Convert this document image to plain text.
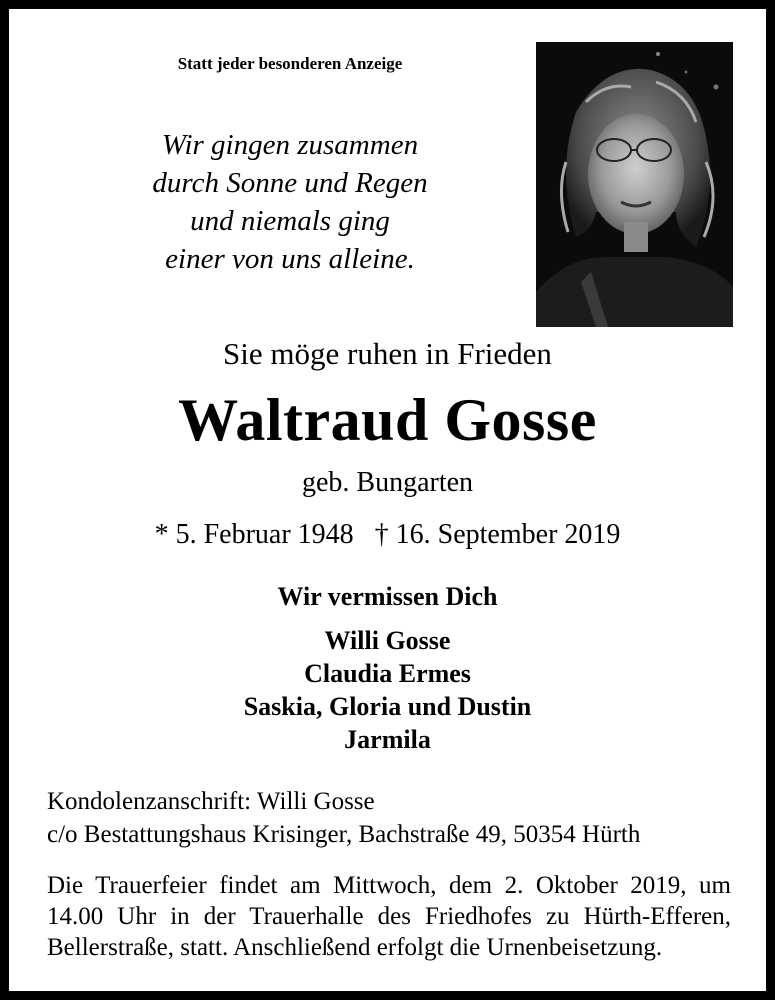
Statt jeder besonderen Anzeige
Wir gingen zusammen
durch Sonne und Regen
und niemals ging
einer von uns alleine.
Sie möge ruhen in Frieden
Waltraud Gosse
geb. Bungarten
* 5. Februar 1948   † 16. September 2019
Wir vermissen Dich
Willi Gosse
Claudia Ermes
Saskia, Gloria und Dustin
Jarmila
Kondolenzanschrift: Willi Gosse
c/o Bestattungshaus Krisinger, Bachstraße 49, 50354 Hürth
Die Trauerfeier findet am Mittwoch, dem 2. Oktober 2019, um 14.00 Uhr in der Trauerhalle des Friedhofes zu Hürth-Efferen, Bellerstraße, statt. Anschließend erfolgt die Urnenbeisetzung.
